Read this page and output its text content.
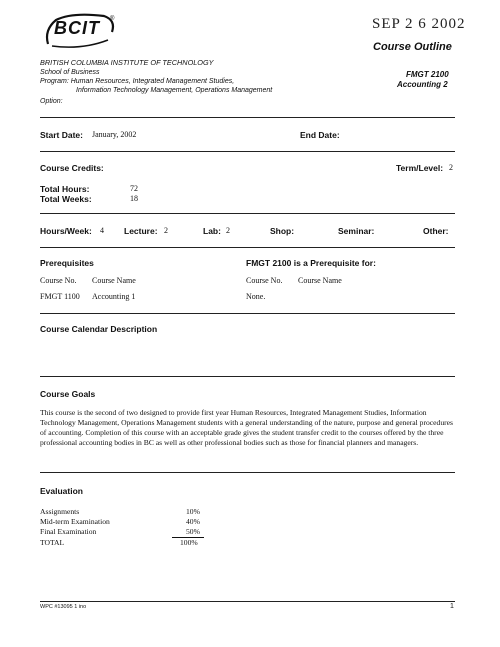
BCIT ®	SEP 2 6 2002
Course Outline
BRITISH COLUMBIA INSTITUTE OF TECHNOLOGY
School of Business
Program: Human Resources, Integrated Management Studies,
Information Technology Management, Operations Management
Option:
FMGT 2100
Accounting 2
Start Date: January, 2002	End Date:
Course Credits:	Term/Level: 2
Total Hours:	72
Total Weeks:	18
Hours/Week: 4 Lecture: 2	Lab: 2	Shop:	Seminar:	Other:
Prerequisites	FMGT 2100 is a Prerequisite for:
Course No. Course Name	Course No. Course Name
FMGT 1100 Accounting 1	None.
Course Calendar Description
Course Goals
This course is the second of two designed to provide first year Human Resources, Integrated Management Studies, Information Technology Management, Operations Management students with a general understanding of the nature, purpose and general procedures of accounting. Completion of this course with an acceptable grade gives the student transfer credit to the courses offered by the three professional accounting bodies in BC as well as other professional bodies such as those for financial planners and managers.
Evaluation
Assignments	10%
Mid-term Examination	40%
Final Examination	50%
TOTAL	100%
WPC #13095 1 ino	1
